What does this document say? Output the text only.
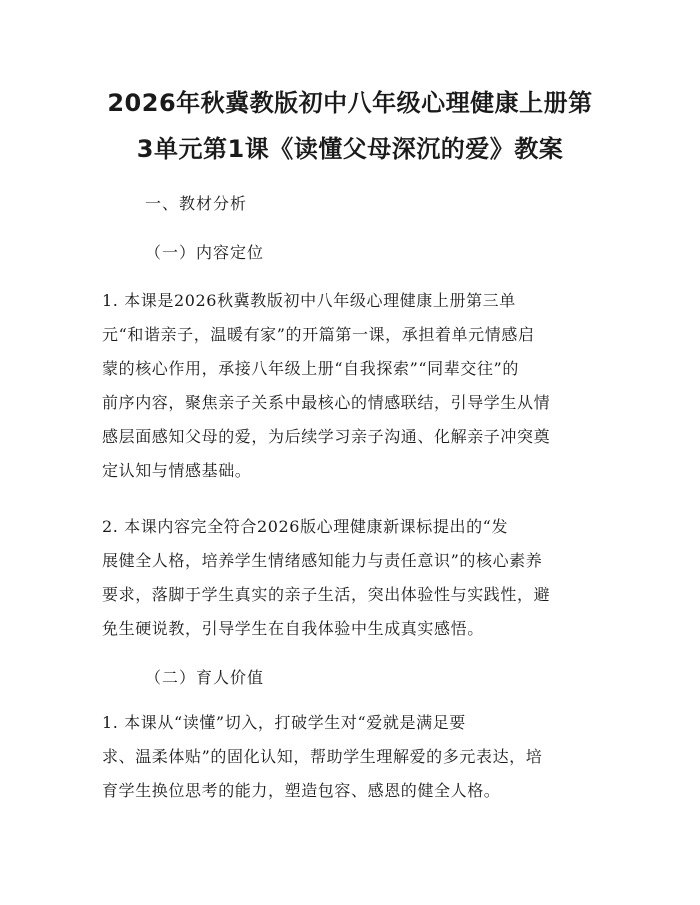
2026年秋冀教版初中八年级心理健康上册第
3单元第1课《读懂父母深沉的爱》教案
一、教材分析
（一）内容定位
1. 本课是2026秋冀教版初中八年级心理健康上册第三单
元“和谐亲子，温暖有家”的开篇第一课，承担着单元情感启
蒙的核心作用，承接八年级上册“自我探索”“同辈交往”的
前序内容，聚焦亲子关系中最核心的情感联结，引导学生从情
感层面感知父母的爱，为后续学习亲子沟通、化解亲子冲突奠
定认知与情感基础。
2. 本课内容完全符合2026版心理健康新课标提出的“发
展健全人格，培养学生情绪感知能力与责任意识”的核心素养
要求，落脚于学生真实的亲子生活，突出体验性与实践性，避
免生硬说教，引导学生在自我体验中生成真实感悟。
（二）育人价值
1. 本课从“读懂”切入，打破学生对“爱就是满足要
求、温柔体贴”的固化认知，帮助学生理解爱的多元表达，培
育学生换位思考的能力，塑造包容、感恩的健全人格。
